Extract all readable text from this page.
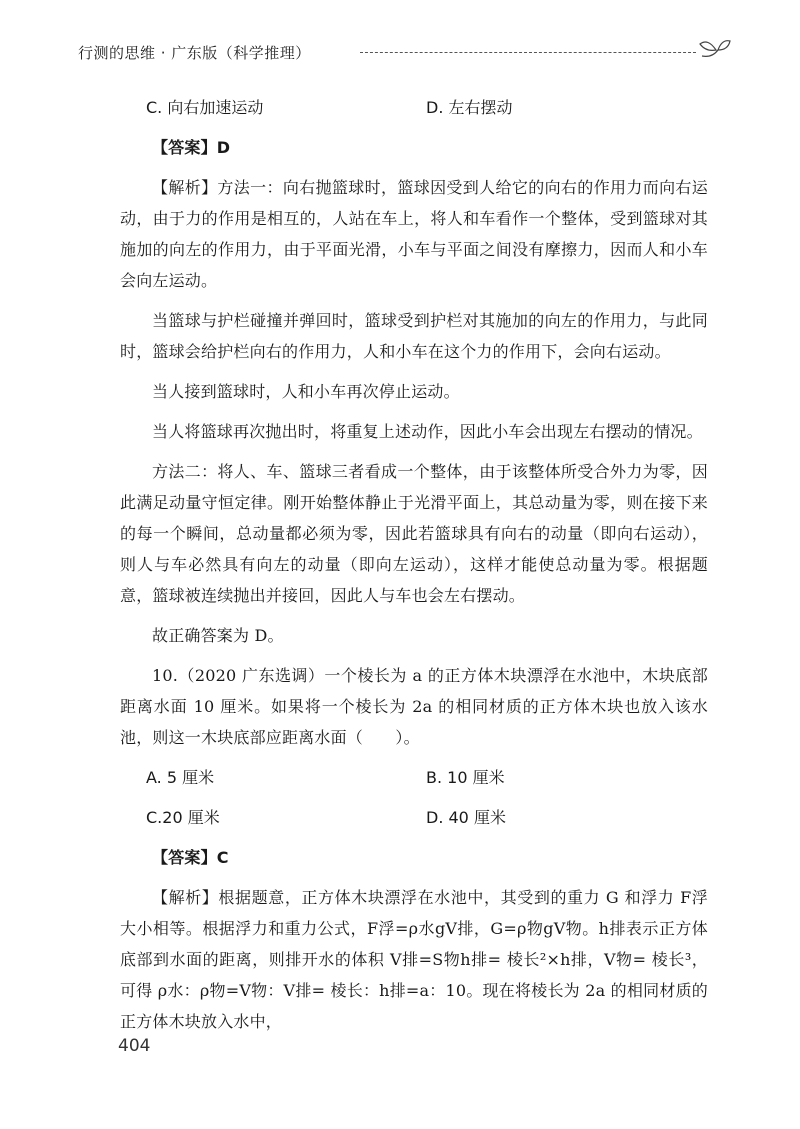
行测的思维 · 广东版（科学推理）
C. 向右加速运动	D. 左右摆动

【答案】D

【解析】方法一：向右抛篮球时，篮球因受到人给它的向右的作用力而向右运动，由于力的作用是相互的，人站在车上，将人和车看作一个整体，受到篮球对其施加的向左的作用力，由于平面光滑，小车与平面之间没有摩擦力，因而人和小车会向左运动。

当篮球与护栏碰撞并弹回时，篮球受到护栏对其施加的向左的作用力，与此同时，篮球会给护栏向右的作用力，人和小车在这个力的作用下，会向右运动。

当人接到篮球时，人和小车再次停止运动。

当人将篮球再次抛出时，将重复上述动作，因此小车会出现左右摆动的情况。

方法二：将人、车、篮球三者看成一个整体，由于该整体所受合外力为零，因此满足动量守恒定律。刚开始整体静止于光滑平面上，其总动量为零，则在接下来的每一个瞬间，总动量都必须为零，因此若篮球具有向右的动量（即向右运动），则人与车必然具有向左的动量（即向左运动），这样才能使总动量为零。根据题意，篮球被连续抛出并接回，因此人与车也会左右摆动。

故正确答案为 D。

10.（2020 广东选调）一个棱长为 a 的正方体木块漂浮在水池中，木块底部距离水面 10 厘米。如果将一个棱长为 2a 的相同材质的正方体木块也放入该水池，则这一木块底部应距离水面（　　）。

A. 5 厘米	B. 10 厘米
C.20 厘米	D. 40 厘米

【答案】C

【解析】根据题意，正方体木块漂浮在水池中，其受到的重力 G 和浮力 F浮大小相等。根据浮力和重力公式，F浮=ρ水gV排，G=ρ物gV物。h排表示正方体底部到水面的距离，则排开水的体积 V排=S物h排= 棱长²×h排，V物= 棱长³，可得 ρ水：ρ物=V物：V排= 棱长：h排=a：10。现在将棱长为 2a 的相同材质的正方体木块放入水中，

404
